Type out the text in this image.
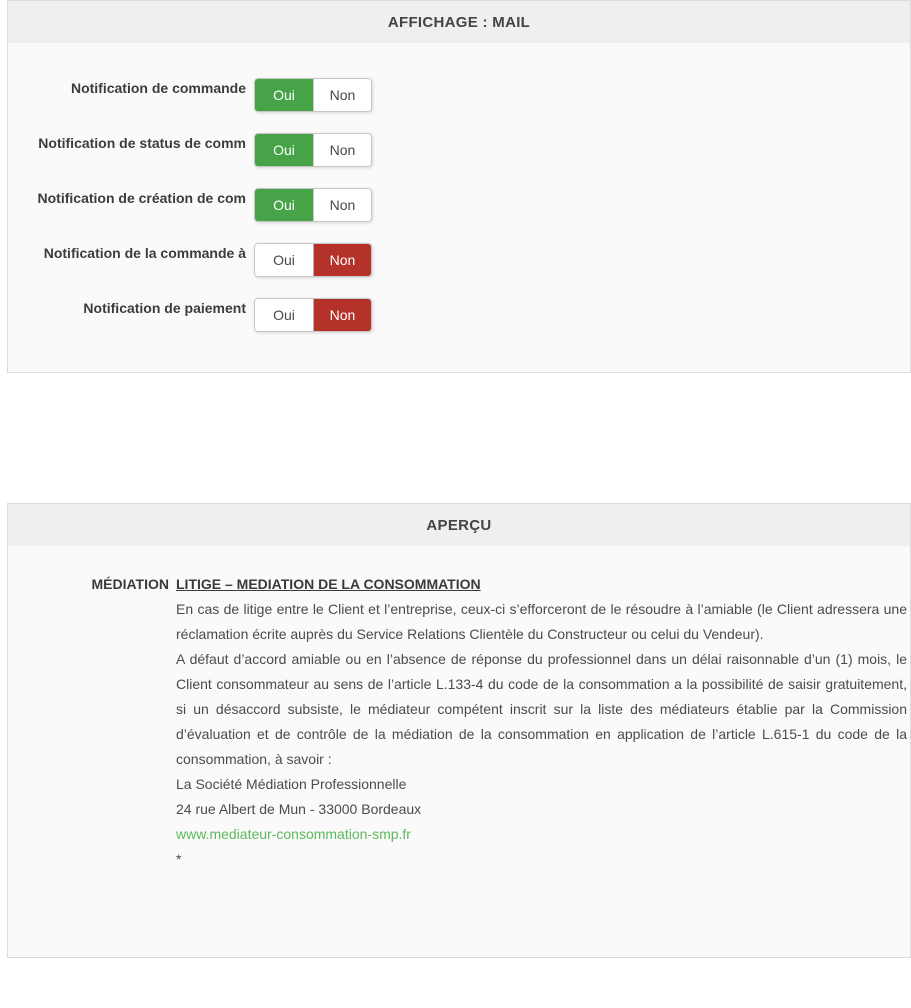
AFFICHAGE : MAIL
Notification de commande	Oui	Non
Notification de status de comm	Oui	Non
Notification de création de com	Oui	Non
Notification de la commande à	Oui	Non
Notification de paiement	Oui	Non
APERÇU
MÉDIATION LITIGE – MEDIATION DE LA CONSOMMATION

En cas de litige entre le Client et l’entreprise, ceux-ci s’efforceront de le résoudre à l’amiable (le Client adressera une réclamation écrite auprès du Service Relations Clientèle du Constructeur ou celui du Vendeur).

A défaut d’accord amiable ou en l’absence de réponse du professionnel dans un délai raisonnable d’un (1) mois, le Client consommateur au sens de l’article L.133-4 du code de la consommation a la possibilité de saisir gratuitement, si un désaccord subsiste, le médiateur compétent inscrit sur la liste des médiateurs établie par la Commission d’évaluation et de contrôle de la médiation de la consommation en application de l’article L.615-1 du code de la consommation, à savoir :

La Société Médiation Professionnelle

24 rue Albert de Mun - 33000 Bordeaux

www.mediateur-consommation-smp.fr

*
